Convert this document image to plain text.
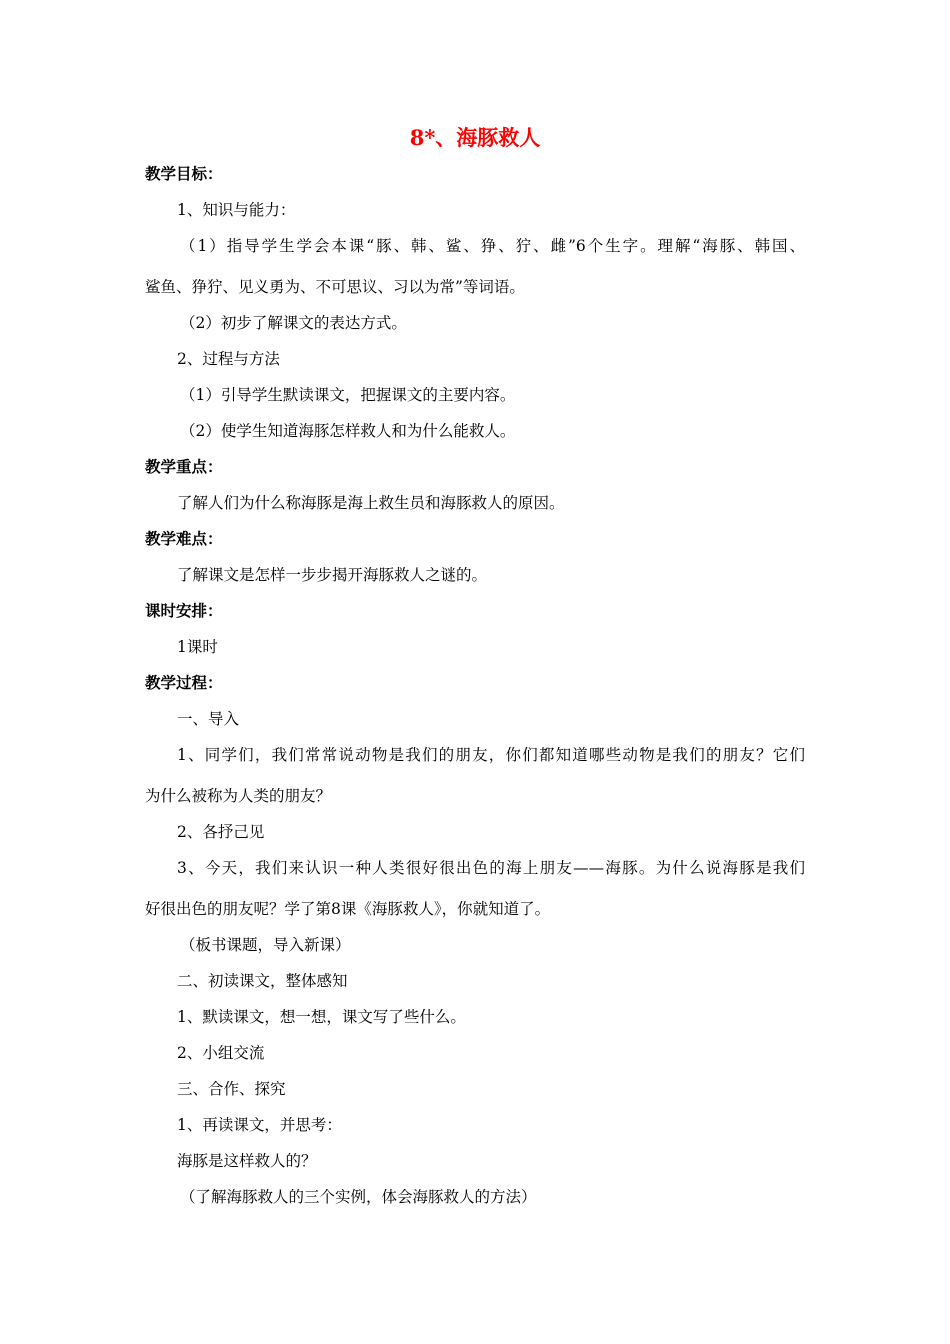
8*、海豚救人
教学目标：
1、知识与能力：
（1）指导学生学会本课“豚、韩、鲨、狰、狞、雌”6个生字。理解“海豚、韩国、
鲨鱼、狰狞、见义勇为、不可思议、习以为常”等词语。
（2）初步了解课文的表达方式。
2、过程与方法
（1）引导学生默读课文，把握课文的主要内容。
（2）使学生知道海豚怎样救人和为什么能救人。
教学重点：
了解人们为什么称海豚是海上救生员和海豚救人的原因。
教学难点：
了解课文是怎样一步步揭开海豚救人之谜的。
课时安排：
1课时
教学过程：
一、导入
1、同学们，我们常常说动物是我们的朋友，你们都知道哪些动物是我们的朋友？它们
为什么被称为人类的朋友？
2、各抒己见
3、今天，我们来认识一种人类很好很出色的海上朋友——海豚。为什么说海豚是我们
好很出色的朋友呢？学了第8课《海豚救人》，你就知道了。
（板书课题，导入新课）
二、初读课文，整体感知
1、默读课文，想一想，课文写了些什么。
2、小组交流
三、合作、探究
1、再读课文，并思考：
海豚是这样救人的？
（了解海豚救人的三个实例，体会海豚救人的方法）
